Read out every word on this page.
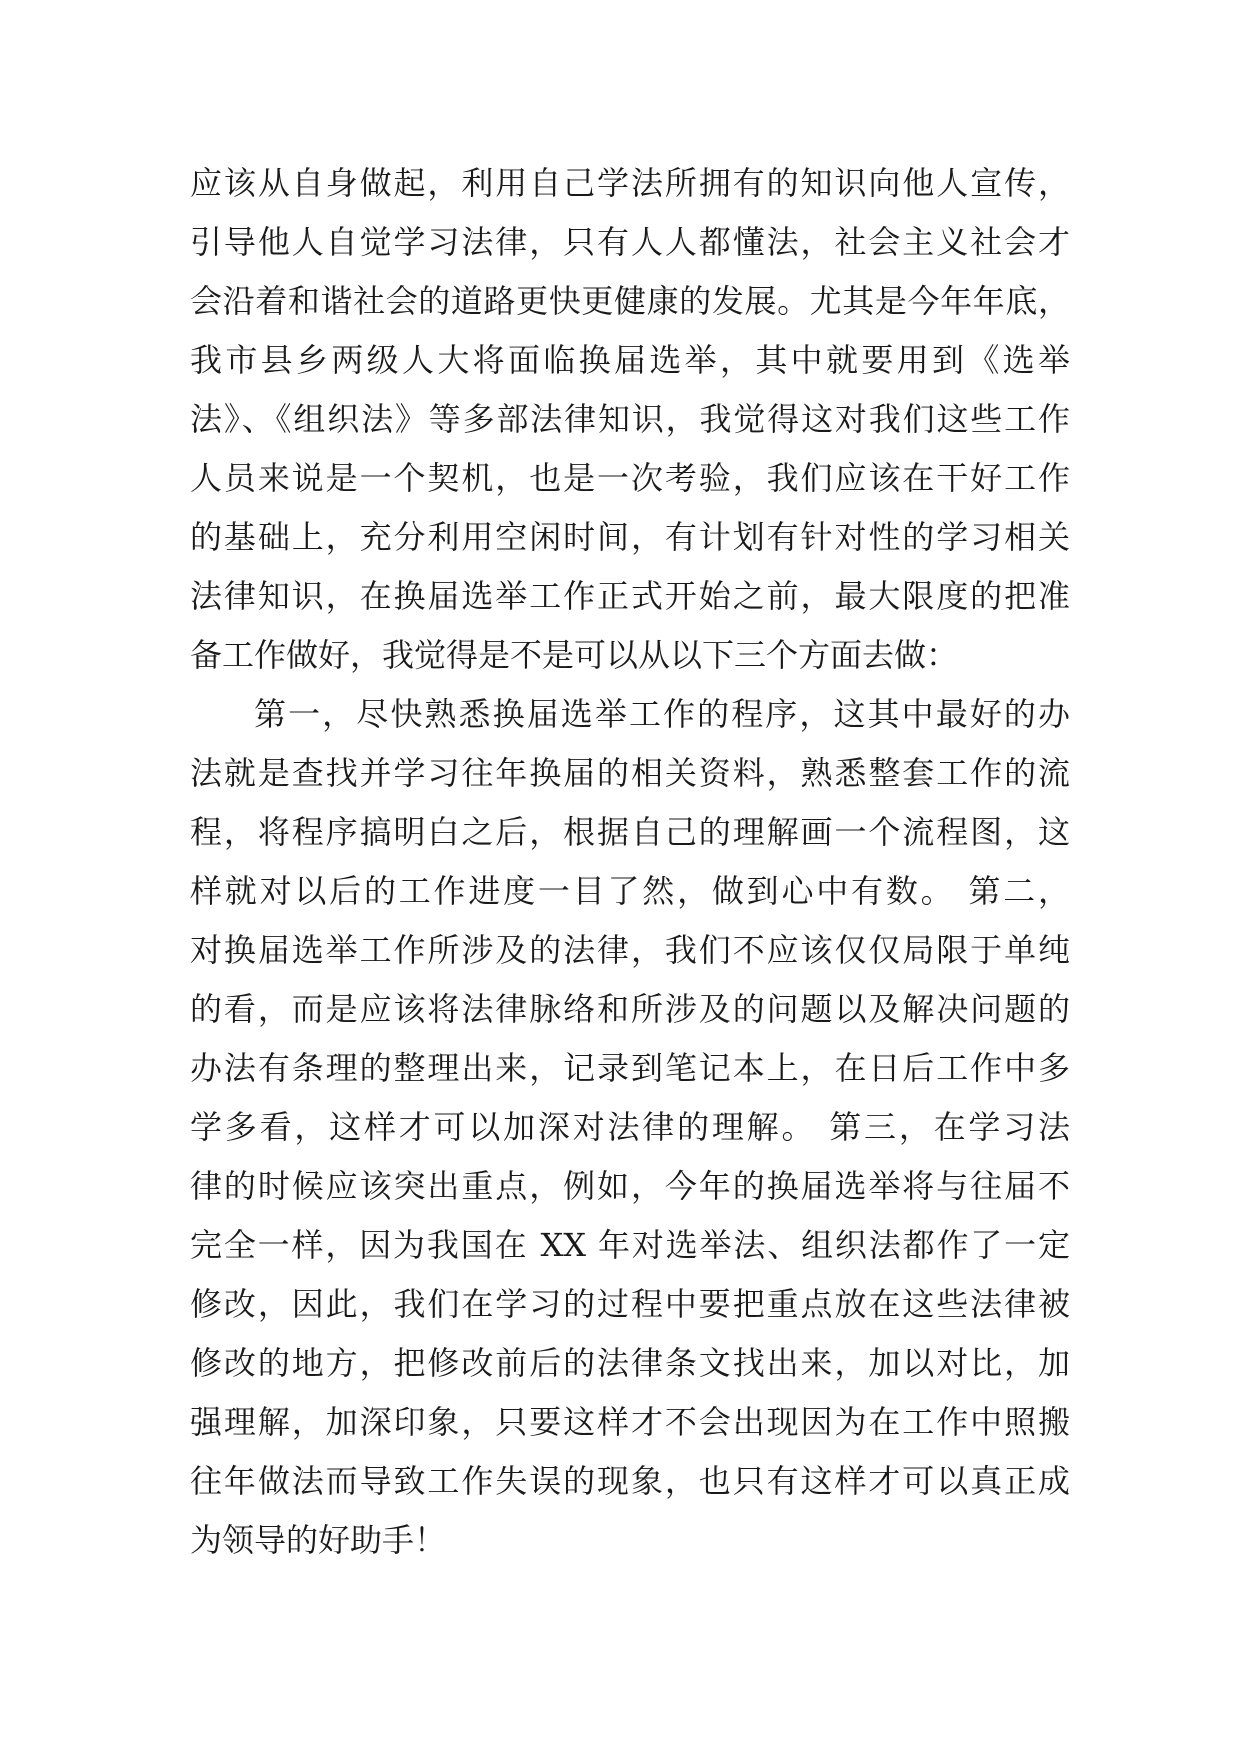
应该从自身做起，利用自己学法所拥有的知识向他人宣传，
引导他人自觉学习法律，只有人人都懂法，社会主义社会才
会沿着和谐社会的道路更快更健康的发展。尤其是今年年底，
我市县乡两级人大将面临换届选举，其中就要用到《选举
法》、《组织法》等多部法律知识，我觉得这对我们这些工作
人员来说是一个契机，也是一次考验，我们应该在干好工作
的基础上，充分利用空闲时间，有计划有针对性的学习相关
法律知识，在换届选举工作正式开始之前，最大限度的把准
备工作做好，我觉得是不是可以从以下三个方面去做：
第一，尽快熟悉换届选举工作的程序，这其中最好的办
法就是查找并学习往年换届的相关资料，熟悉整套工作的流
程，将程序搞明白之后，根据自己的理解画一个流程图，这
样就对以后的工作进度一目了然，做到心中有数。 第二，
对换届选举工作所涉及的法律，我们不应该仅仅局限于单纯
的看，而是应该将法律脉络和所涉及的问题以及解决问题的
办法有条理的整理出来，记录到笔记本上，在日后工作中多
学多看，这样才可以加深对法律的理解。 第三，在学习法
律的时候应该突出重点，例如，今年的换届选举将与往届不
完全一样，因为我国在 XX 年对选举法、组织法都作了一定
修改，因此，我们在学习的过程中要把重点放在这些法律被
修改的地方，把修改前后的法律条文找出来，加以对比，加
强理解，加深印象，只要这样才不会出现因为在工作中照搬
往年做法而导致工作失误的现象，也只有这样才可以真正成
为领导的好助手！
